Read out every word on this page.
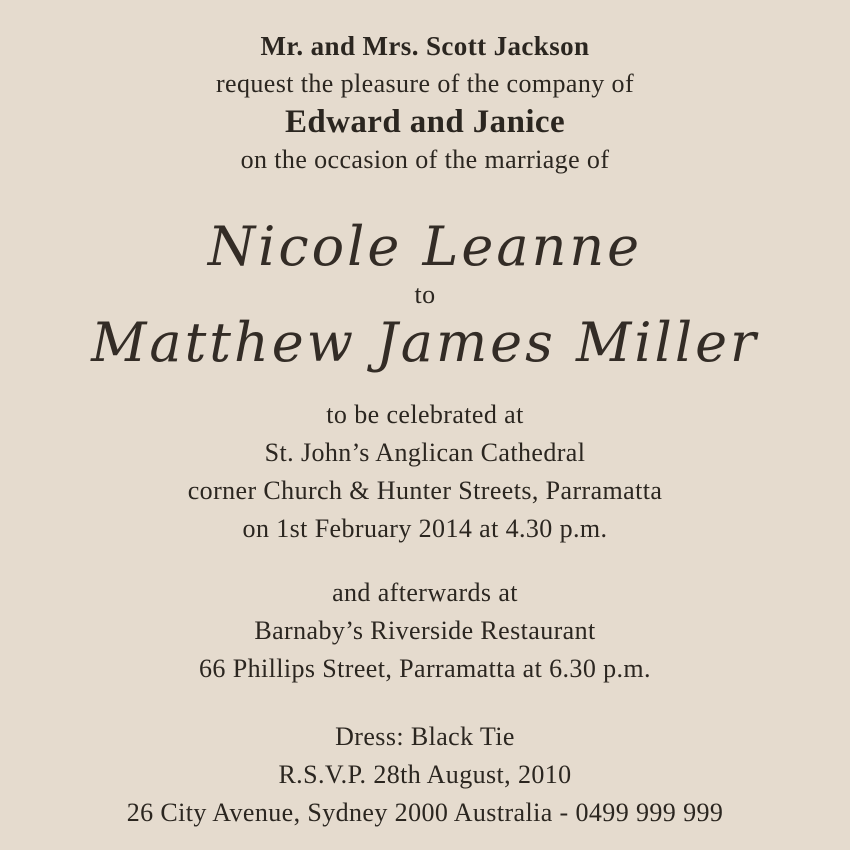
Mr. and Mrs. Scott Jackson
request the pleasure of the company of
Edward and Janice
on the occasion of the marriage of
Nicole Leanne
to
Matthew James Miller
to be celebrated at
St. John’s Anglican Cathedral
corner Church & Hunter Streets, Parramatta
on 1st February 2014 at 4.30 p.m.
and afterwards at
Barnaby’s Riverside Restaurant
66 Phillips Street, Parramatta at 6.30 p.m.
Dress: Black Tie
R.S.V.P. 28th August, 2010
26 City Avenue, Sydney 2000 Australia - 0499 999 999
